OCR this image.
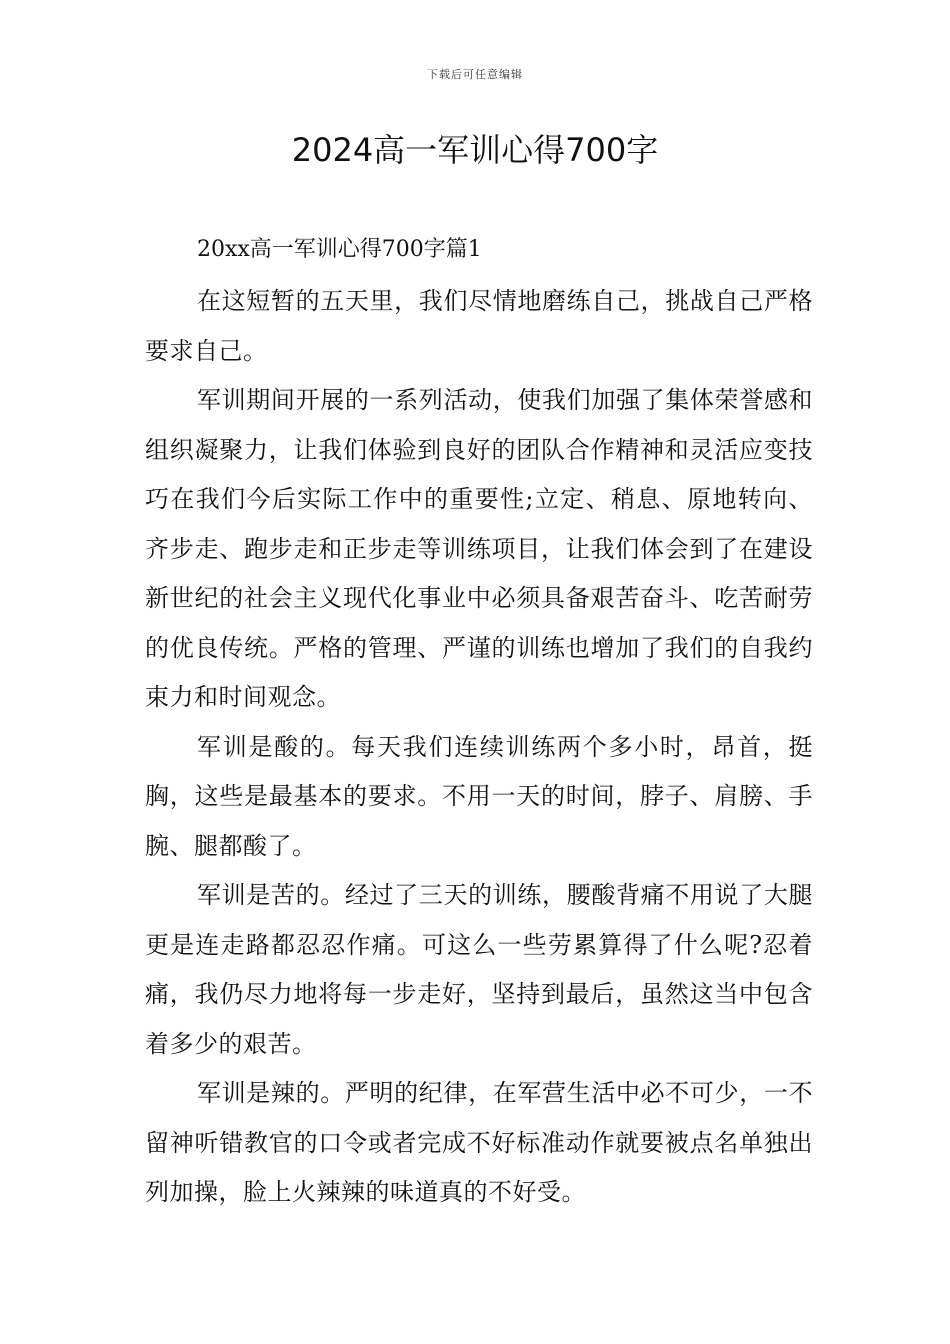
下载后可任意编辑
2024高一军训心得700字

20xx高一军训心得700字篇1

在这短暂的五天里，我们尽情地磨练自己，挑战自己严格要求自己。

军训期间开展的一系列活动，使我们加强了集体荣誉感和组织凝聚力，让我们体验到良好的团队合作精神和灵活应变技巧在我们今后实际工作中的重要性;立定、稍息、原地转向、齐步走、跑步走和正步走等训练项目，让我们体会到了在建设新世纪的社会主义现代化事业中必须具备艰苦奋斗、吃苦耐劳的优良传统。严格的管理、严谨的训练也增加了我们的自我约束力和时间观念。

军训是酸的。每天我们连续训练两个多小时，昂首，挺胸，这些是最基本的要求。不用一天的时间，脖子、肩膀、手腕、腿都酸了。

军训是苦的。经过了三天的训练，腰酸背痛不用说了大腿更是连走路都忍忍作痛。可这么一些劳累算得了什么呢?忍着痛，我仍尽力地将每一步走好，坚持到最后，虽然这当中包含着多少的艰苦。

军训是辣的。严明的纪律，在军营生活中必不可少，一不留神听错教官的口令或者完成不好标准动作就要被点名单独出列加操，脸上火辣辣的味道真的不好受。
